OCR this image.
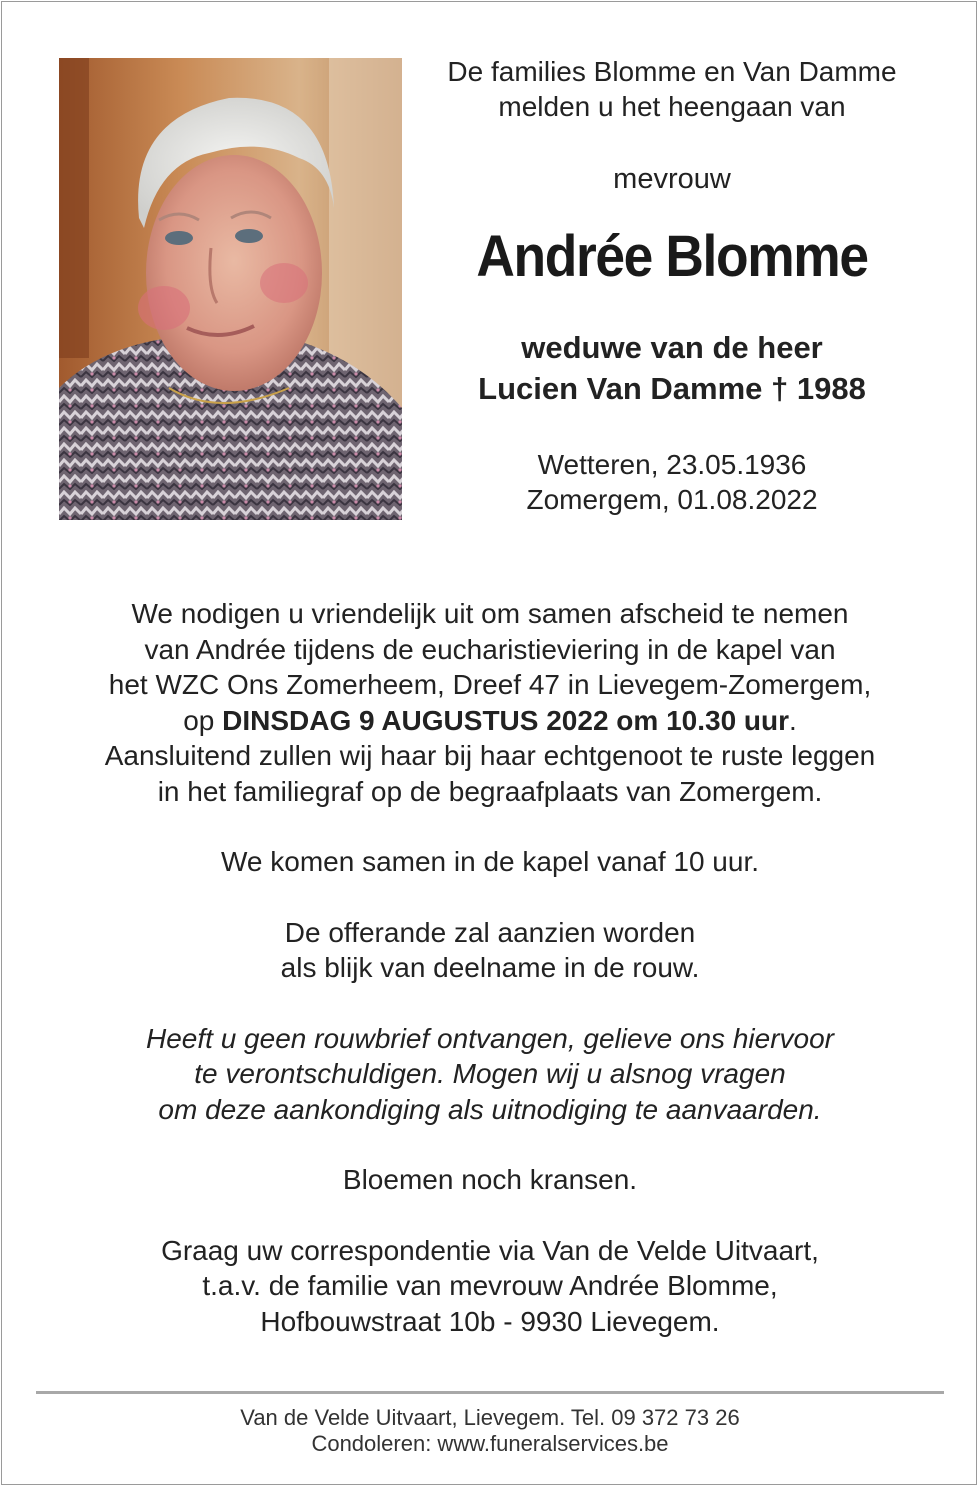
De families Blomme en Van Damme
melden u het heengaan van

mevrouw

Andrée Blomme

weduwe van de heer
Lucien Van Damme † 1988

Wetteren, 23.05.1936
Zomergem, 01.08.2022

We nodigen u vriendelijk uit om samen afscheid te nemen
van Andrée tijdens de eucharistieviering in de kapel van
het WZC Ons Zomerheem, Dreef 47 in Lievegem-Zomergem,
op DINSDAG 9 AUGUSTUS 2022 om 10.30 uur.
Aansluitend zullen wij haar bij haar echtgenoot te ruste leggen
in het familiegraf op de begraafplaats van Zomergem.

We komen samen in de kapel vanaf 10 uur.

De offerande zal aanzien worden
als blijk van deelname in de rouw.

Heeft u geen rouwbrief ontvangen, gelieve ons hiervoor
te verontschuldigen. Mogen wij u alsnog vragen
om deze aankondiging als uitnodiging te aanvaarden.

Bloemen noch kransen.

Graag uw correspondentie via Van de Velde Uitvaart,
t.a.v. de familie van mevrouw Andrée Blomme,
Hofbouwstraat 10b - 9930 Lievegem.

Van de Velde Uitvaart, Lievegem. Tel. 09 372 73 26
Condoleren: www.funeralservices.be
